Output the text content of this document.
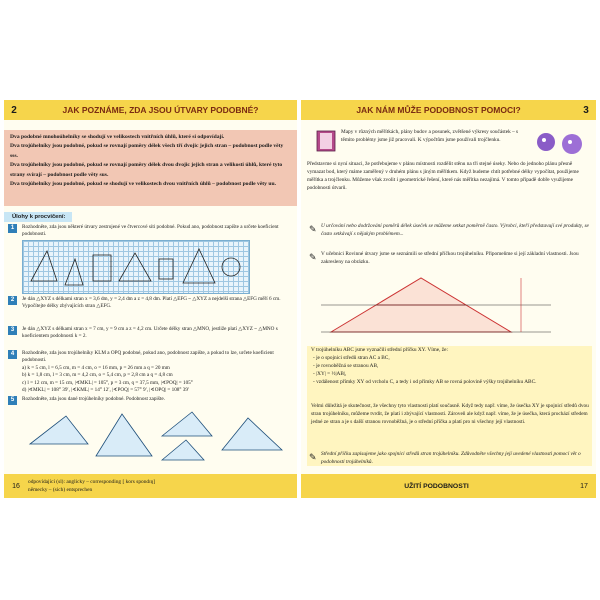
2	JAK POZNÁME, ZDA JSOU ÚTVARY PODOBNÉ?

Dva podobné mnohoúhelníky se shodují ve velikostech vnitřních úhlů, které si odpovídají.

Dva trojúhelníky jsou podobné, pokud se rovnají poměry délek všech tří dvojic jejich stran – podobnost podle věty sss.

Dva trojúhelníky jsou podobné, pokud se rovnají poměry délek dvou dvojic jejich stran a velikosti úhlů, které tyto strany svírají – podobnost podle věty sus.

Dva trojúhelníky jsou podobné, pokud se shodují ve velikostech dvou vnitřních úhlů – podobnost podle věty uu.

Úlohy k procvičení:
1	Rozhodněte, zda jsou některé útvary zestrojené ve čtvercové síti podobné. Pokud ano, podobnost zapište a určete koeficient podobnosti.

2	Je dán △XYZ s délkami stran x = 3,6 dm, y = 2,4 dm a z = 4,8 dm. Platí △EFG ~ △XYZ a nejdelší strana △EFG měří 6 cm. Vypočítejte délky zbývajících stran △EFG.

3	Je dán △XYZ s délkami stran x = 7 cm, y = 9 cm a z = 4,2 cm. Určete délky stran △MNO, jestliže platí △XYZ ~ △MNO s koeficientem podobnosti k = 2.

4	Rozhodněte, zda jsou trojúhelníky KLM a OPQ podobné, pokud ano, podobnost zapište, a pokud to lze, určete koeficient podobnosti.

a) k = 5 cm, l = 6,5 cm, m = 4 cm, o = 16 mm, p = 26 mm a q = 20 mm

b) k = 1,8 cm, l = 3 cm, m = 4,2 cm, o = 5,4 cm, p = 2,8 cm a q = 4,8 cm

c) l = 12 cm, m = 15 cm, |∢MKL| = 105°, p = 3 cm, q = 37,5 mm, |∢POQ| = 105°

d) |∢MKL| = 108° 39′, |∢KML| = 14° 12′, |∢POQ| = 57° 9′, |∢OPQ| = 108° 39′

5	Rozhodněte, zda jsou dané trojúhelníky podobné. Podobnost zapište.

16
odpovídající (sl): anglicky – corresponding [ kors spondɪŋ]
německy – (sich) entsprechen
JAK NÁM MŮŽE PODOBNOST POMOCI?	3
Mapy v různých měřítkách, plány budov a posunek, zvětšené výkresy součástek – s těmito problémy jsme již pracovali. K výpočtům jsme používali trojčlenku.
Představme si nyní situaci, že potřebujeme v plánu místnosti rozdělit stěnu na tři stejné úseky. Nebo do jednoho plánu přesně vymazat bod, který máme zaměřený v druhém plánu s jiným měřítkem. Když budeme chtít potřebné délky vypočítat, použijeme měřítka a trojčlenku. Můžeme však zvolit i geometrické řešení, které nás měřítka nezajímá. V tomto případě dobře využijeme podobnosti útvarů.
U určování nebo dodržování poměrů délek úseček se můžeme setkat poměrně často. Výrobci, kteří představují své produkty, se často setkávají s nějakým problémem...
✎
✎ V učebnici Rovinné útvary jsme se seznámili se střední příčkou trojúhelníku. Připomeňme si její základní vlastnosti. Jsou zakresleny na obrázku.
V trojúhelníku ABC jsme vyznačili střední příčku XY. Víme, že:

- je o spojnici středů stran AC a BC,

- je rovnoběžná se stranou AB,

- |XY| = ½|AB|,

- vzdálenost přímky XY od vrcholu C, a tedy i od přímky AB se rovná polovině výšky trojúhelníku ABC.

Velmi důležitá je skutečnost, že všechny tyto vlastnosti platí současně. Když tedy např. víme, že úsečka XY je spojnicí středů dvou stran trojúhelníku, můžeme tvrdit, že platí i zbývající vlastnosti. Zároveň ale když např. víme, že je úsečka, která prochází středem jedné ze stran a je s další stranou rovnoběžná, je o střední příčka a platí pro ni všechny její vlastnosti.
✎ Střední příčku zapisujeme jako spojnici středů stran trojúhelníku. Zdůvodněte všechny její uvedené vlastnosti pomocí vět o podobnosti trojúhelníků.
UŽITÍ PODOBNOSTI	17
